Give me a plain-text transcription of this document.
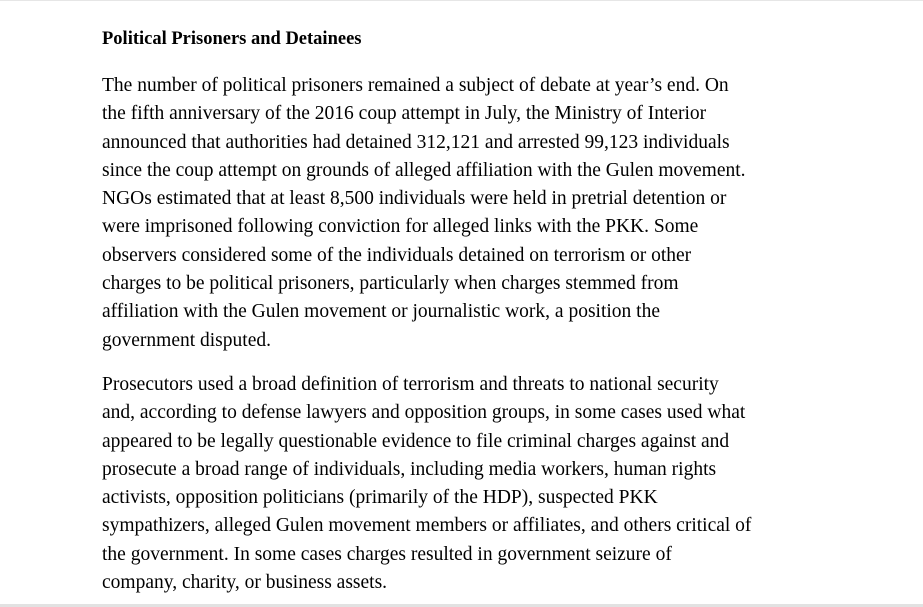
Political Prisoners and Detainees
The number of political prisoners remained a subject of debate at year’s end. On
the fifth anniversary of the 2016 coup attempt in July, the Ministry of Interior
announced that authorities had detained 312,121 and arrested 99,123 individuals
since the coup attempt on grounds of alleged affiliation with the Gulen movement.
NGOs estimated that at least 8,500 individuals were held in pretrial detention or
were imprisoned following conviction for alleged links with the PKK. Some
observers considered some of the individuals detained on terrorism or other
charges to be political prisoners, particularly when charges stemmed from
affiliation with the Gulen movement or journalistic work, a position the
government disputed.
Prosecutors used a broad definition of terrorism and threats to national security
and, according to defense lawyers and opposition groups, in some cases used what
appeared to be legally questionable evidence to file criminal charges against and
prosecute a broad range of individuals, including media workers, human rights
activists, opposition politicians (primarily of the HDP), suspected PKK
sympathizers, alleged Gulen movement members or affiliates, and others critical of
the government. In some cases charges resulted in government seizure of
company, charity, or business assets.
